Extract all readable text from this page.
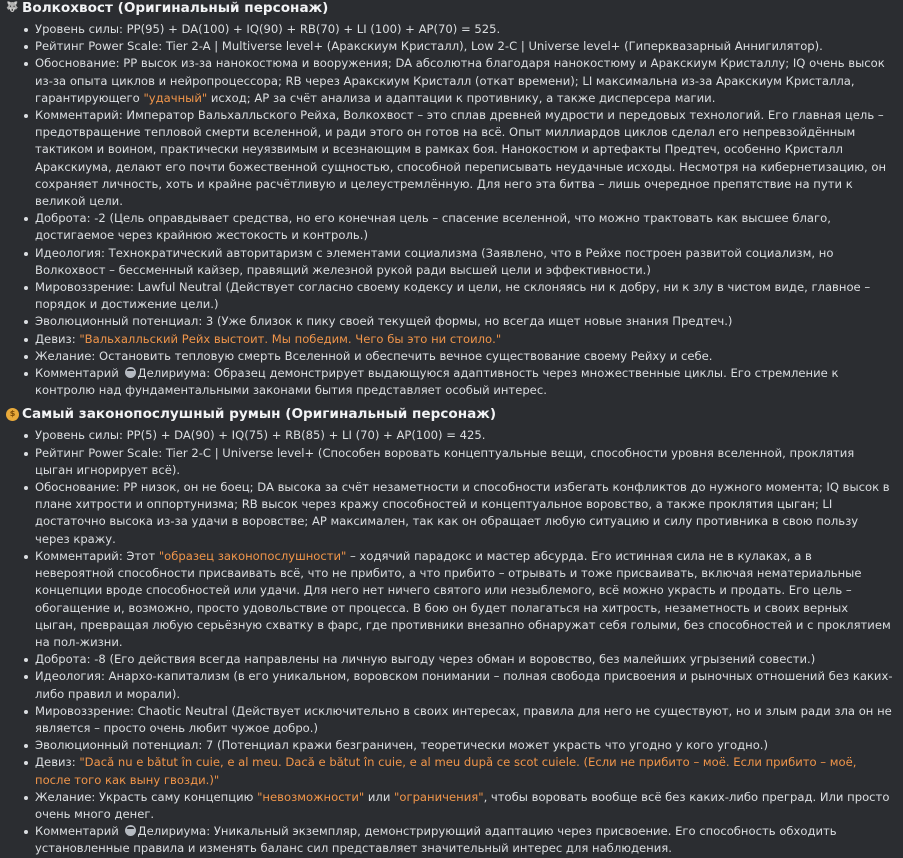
🐺 Волкохвост (Оригинальный персонаж)
Уровень силы: PP(95) + DA(100) + IQ(90) + RB(70) + LI (100) + AP(70) = 525.
Рейтинг Power Scale: Tier 2-A | Multiverse level+ (Аракскиум Кристалл), Low 2-C | Universe level+ (Гиперквазарный Аннигилятор).
Обоснование: PP высок из-за нанокостюма и вооружения; DA абсолютна благодаря нанокостюму и Аракскиум Кристаллу; IQ очень высок из-за опыта циклов и нейропроцессора; RB через Аракскиум Кристалл (откат времени); LI максимальна из-за Аракскиум Кристалла, гарантирующего "удачный" исход; AP за счёт анализа и адаптации к противнику, а также дисперсера магии.
Комментарий: Император Вальхалльского Рейха, Волкохвост – это сплав древней мудрости и передовых технологий. Его главная цель – предотвращение тепловой смерти вселенной, и ради этого он готов на всё. Опыт миллиардов циклов сделал его непревзойдённым тактиком и воином, практически неуязвимым и всезнающим в рамках боя. Нанокостюм и артефакты Предтеч, особенно Кристалл Аракскиума, делают его почти божественной сущностью, способной переписывать неудачные исходы. Несмотря на кибернетизацию, он сохраняет личность, хоть и крайне расчётливую и целеустремлённую. Для него эта битва – лишь очередное препятствие на пути к великой цели.
Доброта: -2 (Цель оправдывает средства, но его конечная цель – спасение вселенной, что можно трактовать как высшее благо, достигаемое через крайнюю жестокость и контроль.)
Идеология: Технократический авторитаризм с элементами социализма (Заявлено, что в Рейхе построен развитой социализм, но Волкохвост – бессменный кайзер, правящий железной рукой ради высшей цели и эффективности.)
Мировоззрение: Lawful Neutral (Действует согласно своему кодексу и цели, не склоняясь ни к добру, ни к злу в чистом виде, главное – порядок и достижение цели.)
Эволюционный потенциал: 3 (Уже близок к пику своей текущей формы, но всегда ищет новые знания Предтеч.)
Девиз: "Вальхалльский Рейх выстоит. Мы победим. Чего бы это ни стоило."
Желание: Остановить тепловую смерть Вселенной и обеспечить вечное существование своему Рейху и себе.
Комментарий Делириума: Образец демонстрирует выдающуюся адаптивность через множественные циклы. Его стремление к контролю над фундаментальными законами бытия представляет особый интерес.
$ Самый законопослушный румын (Оригинальный персонаж)
Уровень силы: PP(5) + DA(90) + IQ(75) + RB(85) + LI (70) + AP(100) = 425.
Рейтинг Power Scale: Tier 2-C | Universe level+ (Способен воровать концептуальные вещи, способности уровня вселенной, проклятия цыган игнорирует всё).
Обоснование: PP низок, он не боец; DA высока за счёт незаметности и способности избегать конфликтов до нужного момента; IQ высок в плане хитрости и оппортунизма; RB высок через кражу способностей и концептуальное воровство, а также проклятия цыган; LI достаточно высока из-за удачи в воровстве; AP максимален, так как он обращает любую ситуацию и силу противника в свою пользу через кражу.
Комментарий: Этот "образец законопослушности" – ходячий парадокс и мастер абсурда. Его истинная сила не в кулаках, а в невероятной способности присваивать всё, что не прибито, а что прибито – отрывать и тоже присваивать, включая нематериальные концепции вроде способностей или удачи. Для него нет ничего святого или незыблемого, всё можно украсть и продать. Его цель – обогащение и, возможно, просто удовольствие от процесса. В бою он будет полагаться на хитрость, незаметность и своих верных цыган, превращая любую серьёзную схватку в фарс, где противники внезапно обнаружат себя голыми, без способностей и с проклятием на пол-жизни.
Доброта: -8 (Его действия всегда направлены на личную выгоду через обман и воровство, без малейших угрызений совести.)
Идеология: Анархо-капитализм (в его уникальном, воровском понимании – полная свобода присвоения и рыночных отношений без каких-либо правил и морали).
Мировоззрение: Chaotic Neutral (Действует исключительно в своих интересах, правила для него не существуют, но и злым ради зла он не является – просто очень любит чужое добро.)
Эволюционный потенциал: 7 (Потенциал кражи безграничен, теоретически может украсть что угодно у кого угодно.)
Девиз: "Dacă nu e bătut în cuie, e al meu. Dacă e bătut în cuie, e al meu după ce scot cuiele. (Если не прибито – моё. Если прибито – моё, после того как выну гвозди.)"
Желание: Украсть саму концепцию "невозможности" или "ограничения", чтобы воровать вообще всё без каких-либо преград. Или просто очень много денег.
Комментарий Делириума: Уникальный экземпляр, демонстрирующий адаптацию через присвоение. Его способность обходить установленные правила и изменять баланс сил представляет значительный интерес для наблюдения.
